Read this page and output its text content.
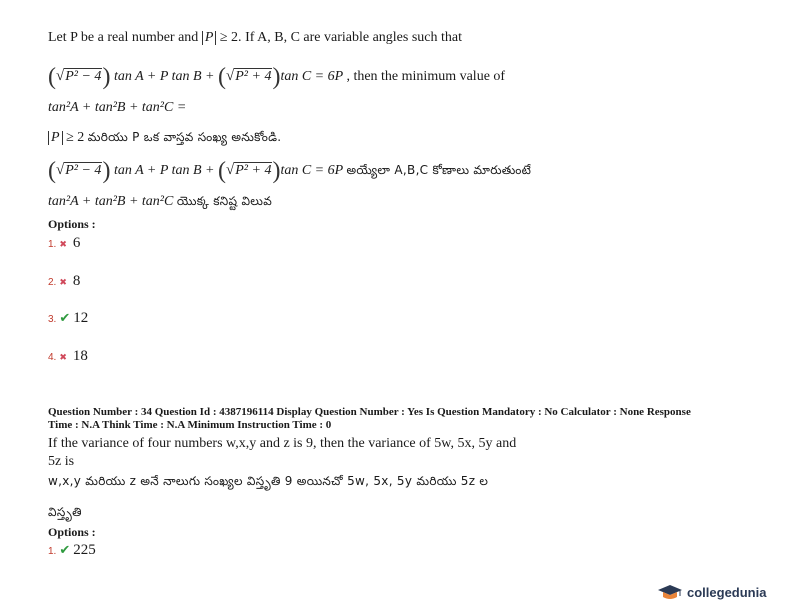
Let P be a real number and P ≥ 2. If A, B, C are variable angles such that
(√P² − 4) tan A + P tan B + (√P² + 4)tan C = 6P , then the minimum value of
tan²A + tan²B + tan²C =
P ≥ 2 మరియు P ఒక వాస్తవ సంఖ్య అనుకోండి.
(√P² − 4) tan A + P tan B + (√P² + 4)tan C = 6P అయ్యేలా A,B,C కోణాలు మారుతుంటే
tan²A + tan²B + tan²C యొక్క కనిష్ట విలువ
Options :
1. ✖ 6
2. ✖ 8
3. ✔ 12
4. ✖ 18
Question Number : 34 Question Id : 4387196114 Display Question Number : Yes Is Question Mandatory : No Calculator : None Response
Time : N.A Think Time : N.A Minimum Instruction Time : 0
If the variance of four numbers w,x,y and z is 9, then the variance of 5w, 5x, 5y and
5z is
w,x,y మరియు z అనే నాలుగు సంఖ్యల విస్తృతి 9 అయినచో 5w, 5x, 5y మరియు 5z ల
విస్తృతి
Options :
1. ✔ 225
collegedunia
